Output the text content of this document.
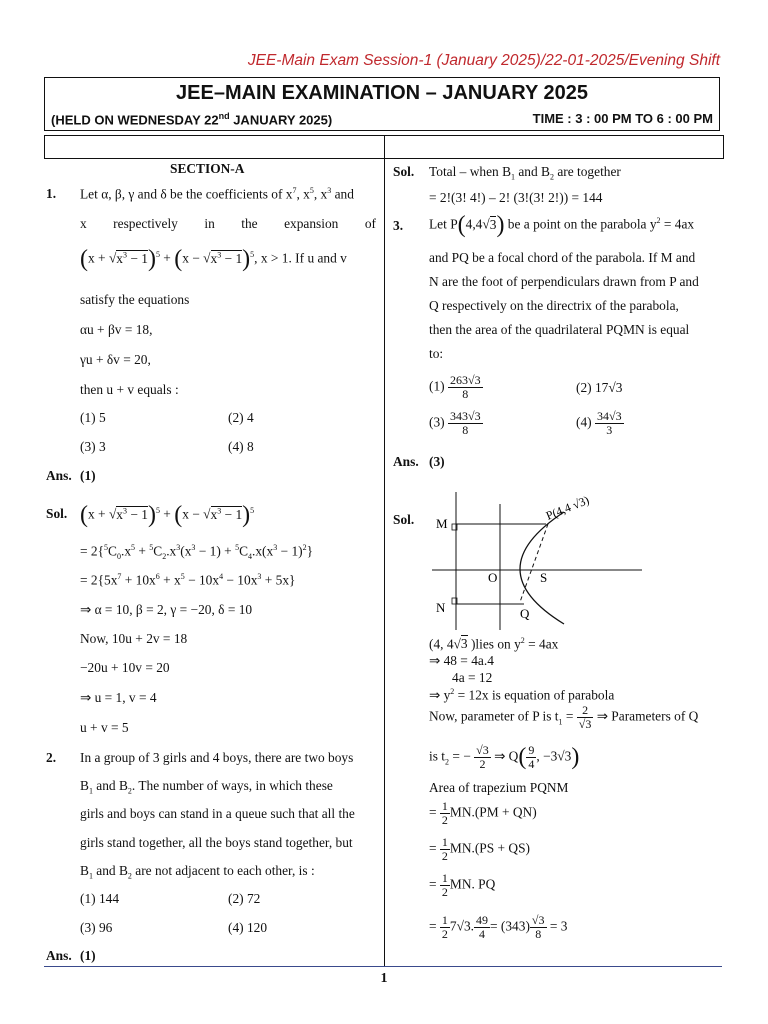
JEE-Main Exam Session-1 (January 2025)/22-01-2025/Evening Shift
JEE–MAIN EXAMINATION – JANUARY 2025
(HELD ON WEDNESDAY 22nd JANUARY 2025)	TIME : 3 : 00 PM TO 6 : 00 PM
SECTION-A
1. Let α, β, γ and δ be the coefficients of $x^7$, $x^5$, $x^3$ and
x respectively in the expansion of
$(x + √x^3 - 1)^5 + (x - √x^3 - 1)^5$, x > 1. If u and v
satisfy the equations
αu + βv = 18,
γu + δv = 20,
then u + v equals :
(1) 5	(2) 4
(3) 3	(4) 8
Ans. (1)
Sol. $(x + √x^3 - 1)^5 + (x - √x^3 - 1)^5$
= $2\{^5C_0.x^5 + ^5C_2.x^3(x^3 - 1) + ^5C_4.x(x^3 - 1)^2\}$
= $2\{5x^7 + 10x^6 + x^5 - 10x^4 - 10x^3 + 5x\}$
⇒ α = 10, β = 2, γ = −20, δ = 10
Now, 10u + 2v = 18
−20u + 10v = 20
⇒ u = 1, v = 4
u + v = 5
2. In a group of 3 girls and 4 boys, there are two boys
$B_1$ and $B_2$. The number of ways, in which these
girls and boys can stand in a queue such that all the
girls stand together, all the boys stand together, but
$B_1$ and $B_2$ are not adjacent to each other, is :
(1) 144	(2) 72
(3) 96	(4) 120
Ans. (1)
Sol. Total – when $B_1$ and $B_2$ are together
= 2!(3! 4!) – 2! (3!(3! 2!)) = 144
3. Let P(4,4√3) be a point on the parabola $y^2 = 4ax$
and PQ be a focal chord of the parabola. If M and
N are the foot of perpendiculars drawn from P and
Q respectively on the directrix of the parabola,
then the area of the quadrilateral PQMN is equal
to:
$(1) \frac{263√3}{8}$	(2) 17√3
$(3) \frac{343√3}{8}$	$(4) \frac{34√3}{3}$
Ans. (3)
Sol. M
N
O	S
Q
P(4,4 √3)
(4, 4√3 )lies on $y^2 = 4ax$
⇒ 48 = 4a.4
4a = 12
⇒ $y^2 = 12x$ is equation of parabola
Now, parameter of P is $t_1 = \frac{2}{√3}$ ⇒ Parameters of Q
is $t_2$ = − $\frac{√3}{2}$ ⇒ $Q( \frac{9}{4}$ , −3√3)
Area of trapezium PQNM
= $\frac{1}{2} MN.(PM + QN)$
= $\frac{1}{2} MN.(PS + QS)$
= $\frac{1}{2}$ MN. PQ
= $\frac{1}{2} 7√3$. $\frac{49}{4} = (343) \frac{√3}{8} = 3$
1
